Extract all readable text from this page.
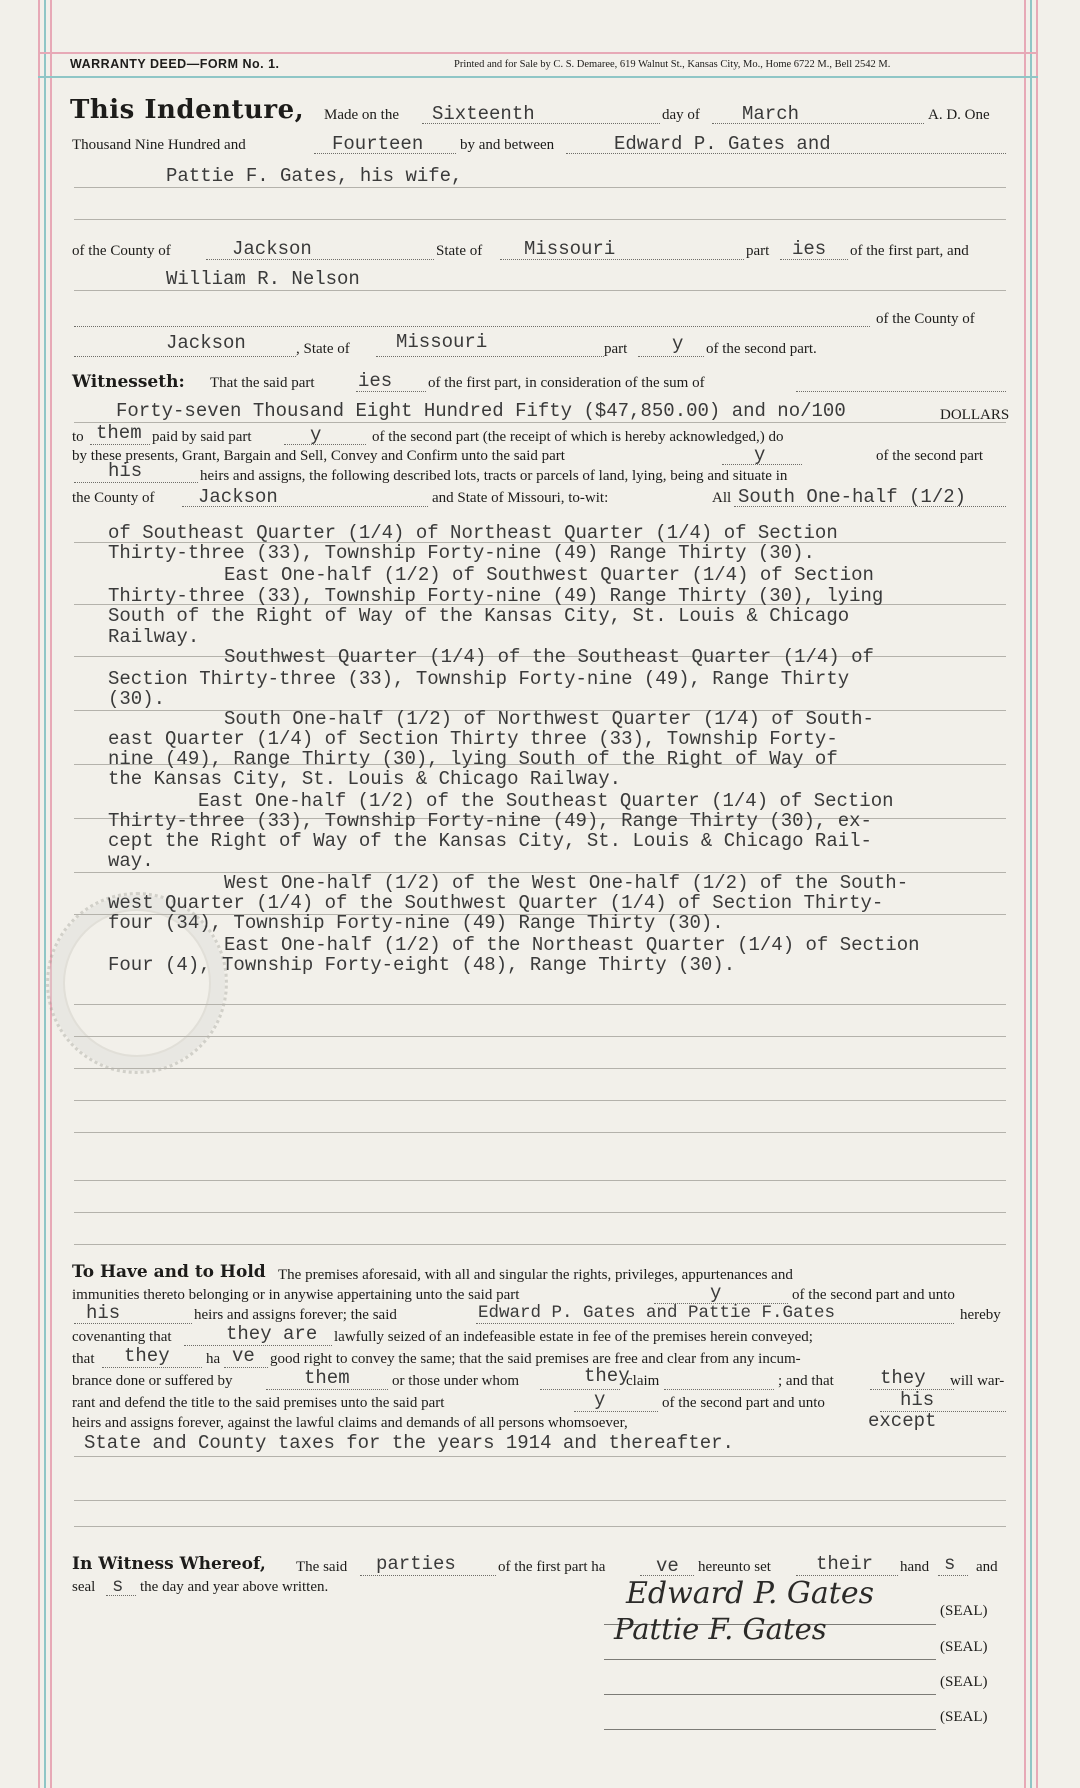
WARRANTY DEED—FORM No. 1.	Printed and for Sale by C. S. Demaree, 619 Walnut St., Kansas City, Mo., Home 6722 M., Bell 2542 M.
This Indenture, Made on the Sixteenth	day of March	A. D. One
Thousand Nine Hundred and	Fourteen by and between	Edward P. Gates and
Pattie F. Gates, his wife,
of the County of	Jackson	State of Missouri	part ies of the first part, and
William R. Nelson
of the County of
Jackson	, State of Missouri	part y of the second part.
Witnesseth: That the said part ies of the first part, in consideration of the sum of
Forty-seven Thousand Eight Hundred Fifty ($47,850.00) and no/100	DOLLARS
to them paid by said part	y	of the second part (the receipt of which is hereby acknowledged,) do
by these presents, Grant, Bargain and Sell, Convey and Confirm unto the said part	y	of the second part
his	heirs and assigns, the following described lots, tracts or parcels of land, lying, being and situate in
the County of Jackson	and State of Missouri, to-wit:	All South One-half (1/2)
of Southeast Quarter (1/4) of Northeast Quarter (1/4) of Section
Thirty-three (33), Township Forty-nine (49) Range Thirty (30).
East One-half (1/2) of Southwest Quarter (1/4) of Section
Thirty-three (33), Township Forty-nine (49) Range Thirty (30), lying
South of the Right of Way of the Kansas City, St. Louis & Chicago
Railway.
Southwest Quarter (1/4) of the Southeast Quarter (1/4) of
Section Thirty-three (33), Township Forty-nine (49), Range Thirty
(30).
South One-half (1/2) of Northwest Quarter (1/4) of South-
east Quarter (1/4) of Section Thirty three (33), Township Forty-
nine (49), Range Thirty (30), lying South of the Right of Way of
the Kansas City, St. Louis & Chicago Railway.
East One-half (1/2) of the Southeast Quarter (1/4) of Section
Thirty-three (33), Township Forty-nine (49), Range Thirty (30), ex-
cept the Right of Way of the Kansas City, St. Louis & Chicago Rail-
way.
West One-half (1/2) of the West One-half (1/2) of the South-
west Quarter (1/4) of the Southwest Quarter (1/4) of Section Thirty-
four (34), Township Forty-nine (49) Range Thirty (30).
East One-half (1/2) of the Northeast Quarter (1/4) of Section
Four (4), Township Forty-eight (48), Range Thirty (30).
To Have and to Hold The premises aforesaid, with all and singular the rights, privileges, appurtenances and
immunities thereto belonging or in anywise appertaining unto the said part	y	of the second part and unto
his	heirs and assigns forever; the said	Edward P. Gates and Pattie F.Gates	hereby
covenanting that	they are lawfully seized of an indefeasible estate in fee of the premises herein conveyed;
that they ha ve good right to convey the same; that the said premises are free and clear from any incum-
brance done or suffered by	them	or those under whom	they
claim	; and that they will war-
rant and defend the title to the said premises unto the said part	y	of the second part and unto	his
heirs and assigns forever, against the lawful claims and demands of all persons whomsoever,	except
State and County taxes for the years 1914 and thereafter.
In Witness Whereof, The said parties	of the first part ha	ve hereunto set their hand s and
seal s the day and year above written.	Edward P. Gates	(SEAL)
Pattie F. Gates
(SEAL)
(SEAL)
(SEAL)
